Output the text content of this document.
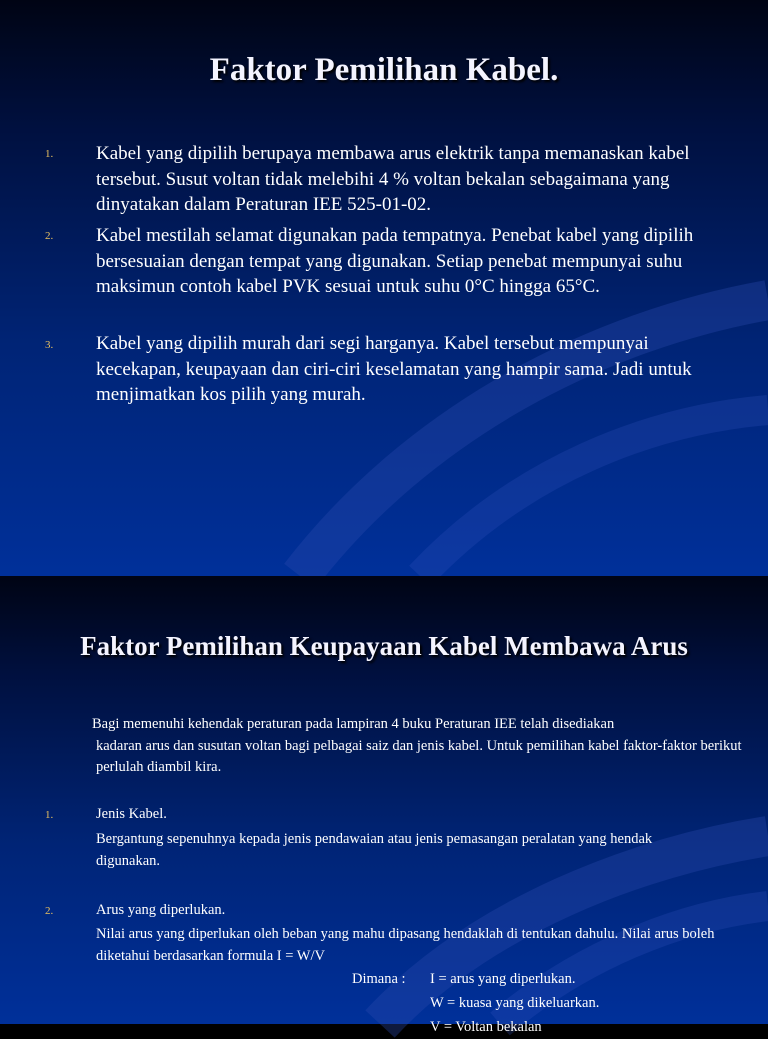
Faktor Pemilihan Kabel.
1. Kabel yang dipilih berupaya membawa arus elektrik tanpa memanaskan kabel tersebut. Susut voltan tidak melebihi 4 % voltan bekalan sebagaimana yang dinyatakan dalam Peraturan IEE 525-01-02.
2. Kabel mestilah selamat digunakan pada tempatnya. Penebat kabel yang dipilih bersesuaian dengan tempat yang digunakan. Setiap penebat mempunyai suhu maksimun contoh kabel PVK sesuai untuk suhu 0°C hingga 65°C.
3. Kabel yang dipilih murah dari segi harganya. Kabel tersebut mempunyai kecekapan, keupayaan dan ciri-ciri keselamatan yang hampir sama. Jadi untuk menjimatkan kos pilih yang murah.
Faktor Pemilihan Keupayaan Kabel Membawa Arus
Bagi memenuhi kehendak peraturan pada lampiran 4 buku Peraturan IEE telah disediakan
kadaran arus dan susutan voltan bagi pelbagai saiz dan jenis kabel. Untuk pemilihan kabel faktor-faktor berikut perlulah diambil kira.
1.	Jenis Kabel.
Bergantung sepenuhnya kepada jenis pendawaian atau jenis pemasangan peralatan yang hendak digunakan.
2.	Arus yang diperlukan.
Nilai arus yang diperlukan oleh beban yang mahu dipasang hendaklah di tentukan dahulu. Nilai arus boleh diketahui berdasarkan formula I = W/V
Dimana : I = arus yang diperlukan.
W = kuasa yang dikeluarkan.
V = Voltan bekalan
